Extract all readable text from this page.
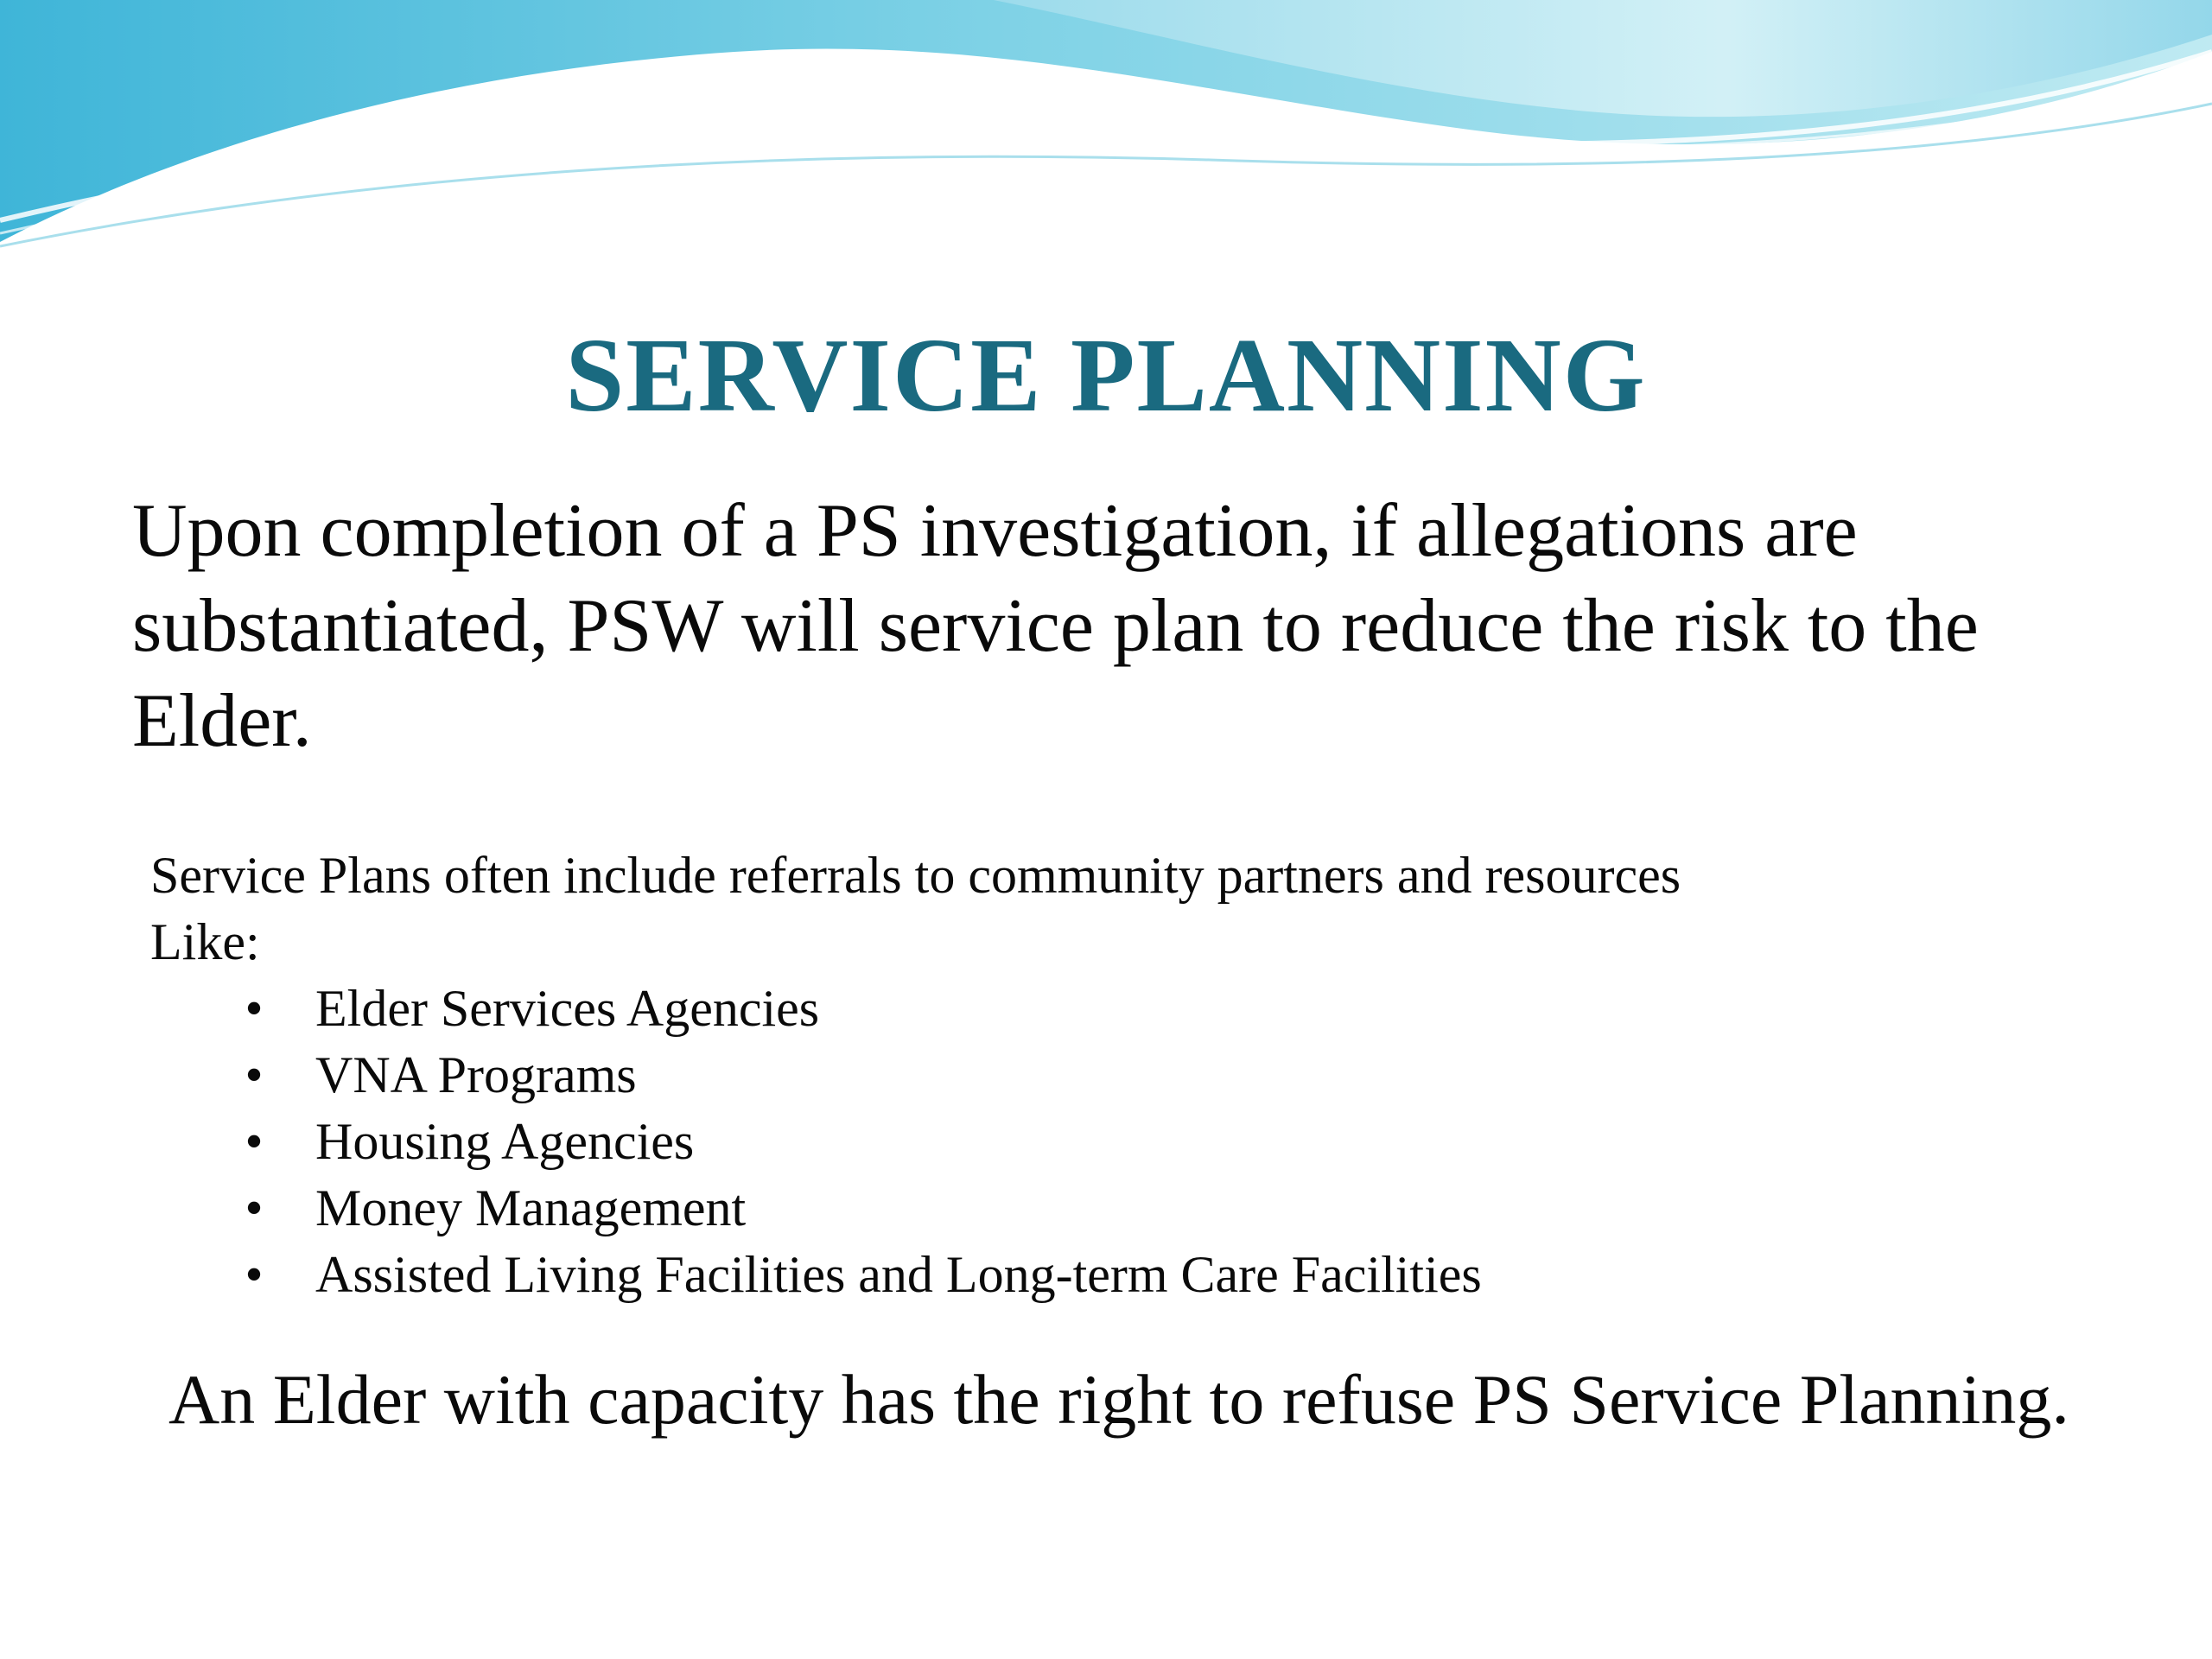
SERVICE PLANNING

Upon completion of a PS investigation, if allegations are substantiated, PSW will service plan to reduce the risk to the Elder.

Service Plans often include referrals to community partners and resources

Like:

• Elder Services Agencies
• VNA Programs
• Housing Agencies
• Money Management
• Assisted Living Facilities and Long-term Care Facilities

An Elder with capacity has the right to refuse PS Service Planning.
